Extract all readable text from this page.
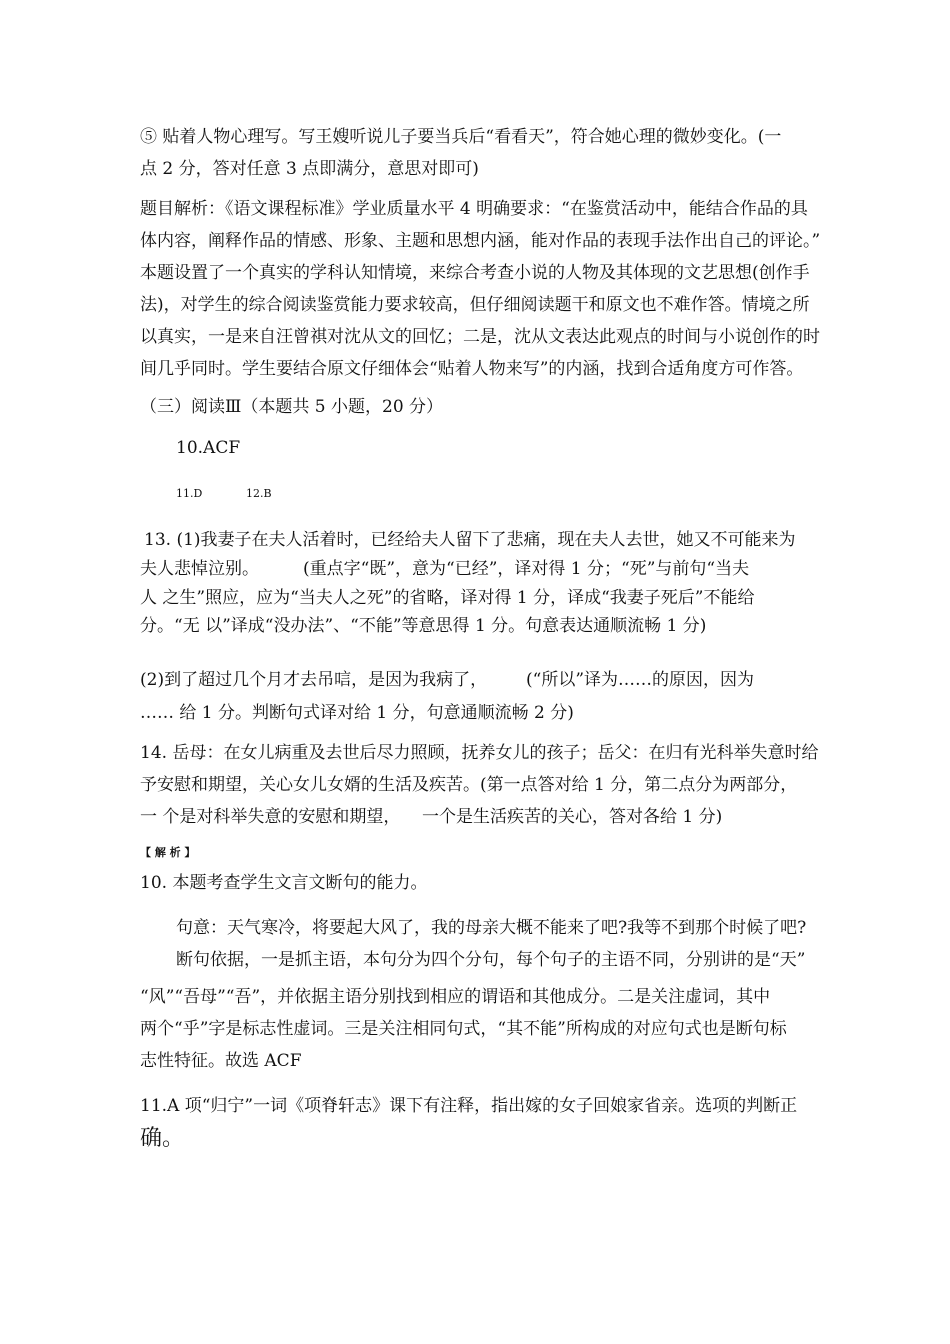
⑤ 贴着人物心理写。写王嫂听说儿子要当兵后“看看天”，符合她心理的微妙变化。(一
点 2 分，答对任意 3 点即满分，意思对即可)
题目解析：《语文课程标准》学业质量水平 4 明确要求：“在鉴赏活动中，能结合作品的具
体内容，阐释作品的情感、形象、主题和思想内涵，能对作品的表现手法作出自己的评论。”
本题设置了一个真实的学科认知情境，来综合考查小说的人物及其体现的文艺思想(创作手
法)，对学生的综合阅读鉴赏能力要求较高，但仔细阅读题干和原文也不难作答。情境之所
以真实，一是来自汪曾祺对沈从文的回忆；二是，沈从文表达此观点的时间与小说创作的时
间几乎同时。学生要结合原文仔细体会“贴着人物来写”的内涵，找到合适角度方可作答。
（三）阅读Ⅲ（本题共 5 小题，20 分）
10.ACF
11.D	12.B
13. (1)我妻子在夫人活着时，已经给夫人留下了悲痛，现在夫人去世，她又不可能来为
夫人悲悼泣别。	(重点字“既”，意为“已经”，译对得 1 分；“死”与前句“当夫
人 之生”照应，应为“当夫人之死”的省略，译对得 1 分，译成“我妻子死后”不能给
分。“无 以”译成“没办法”、“不能”等意思得 1 分。句意表达通顺流畅 1 分)
(2)到了超过几个月才去吊唁，是因为我病了， (“所以”译为……的原因，因为
…… 给 1 分。判断句式译对给 1 分，句意通顺流畅 2 分)
14. 岳母：在女儿病重及去世后尽力照顾，抚养女儿的孩子；岳父：在归有光科举失意时给
予安慰和期望，关心女儿女婿的生活及疾苦。(第一点答对给 1 分，第二点分为两部分，
一 个是对科举失意的安慰和期望， 一个是生活疾苦的关心，答对各给 1 分)
【 解 析 】
10. 本题考查学生文言文断句的能力。
句意：天气寒冷，将要起大风了，我的母亲大概不能来了吧?我等不到那个时候了吧?
断句依据，一是抓主语，本句分为四个分句，每个句子的主语不同，分别讲的是“天”
“风”“吾母”“吾”，并依据主语分别找到相应的谓语和其他成分。二是关注虚词，其中
两个“乎”字是标志性虚词。三是关注相同句式，“其不能”所构成的对应句式也是断句标
志性特征。故选 ACF
11.A 项“归宁”一词《项脊轩志》课下有注释，指出嫁的女子回娘家省亲。选项的判断正
确。
